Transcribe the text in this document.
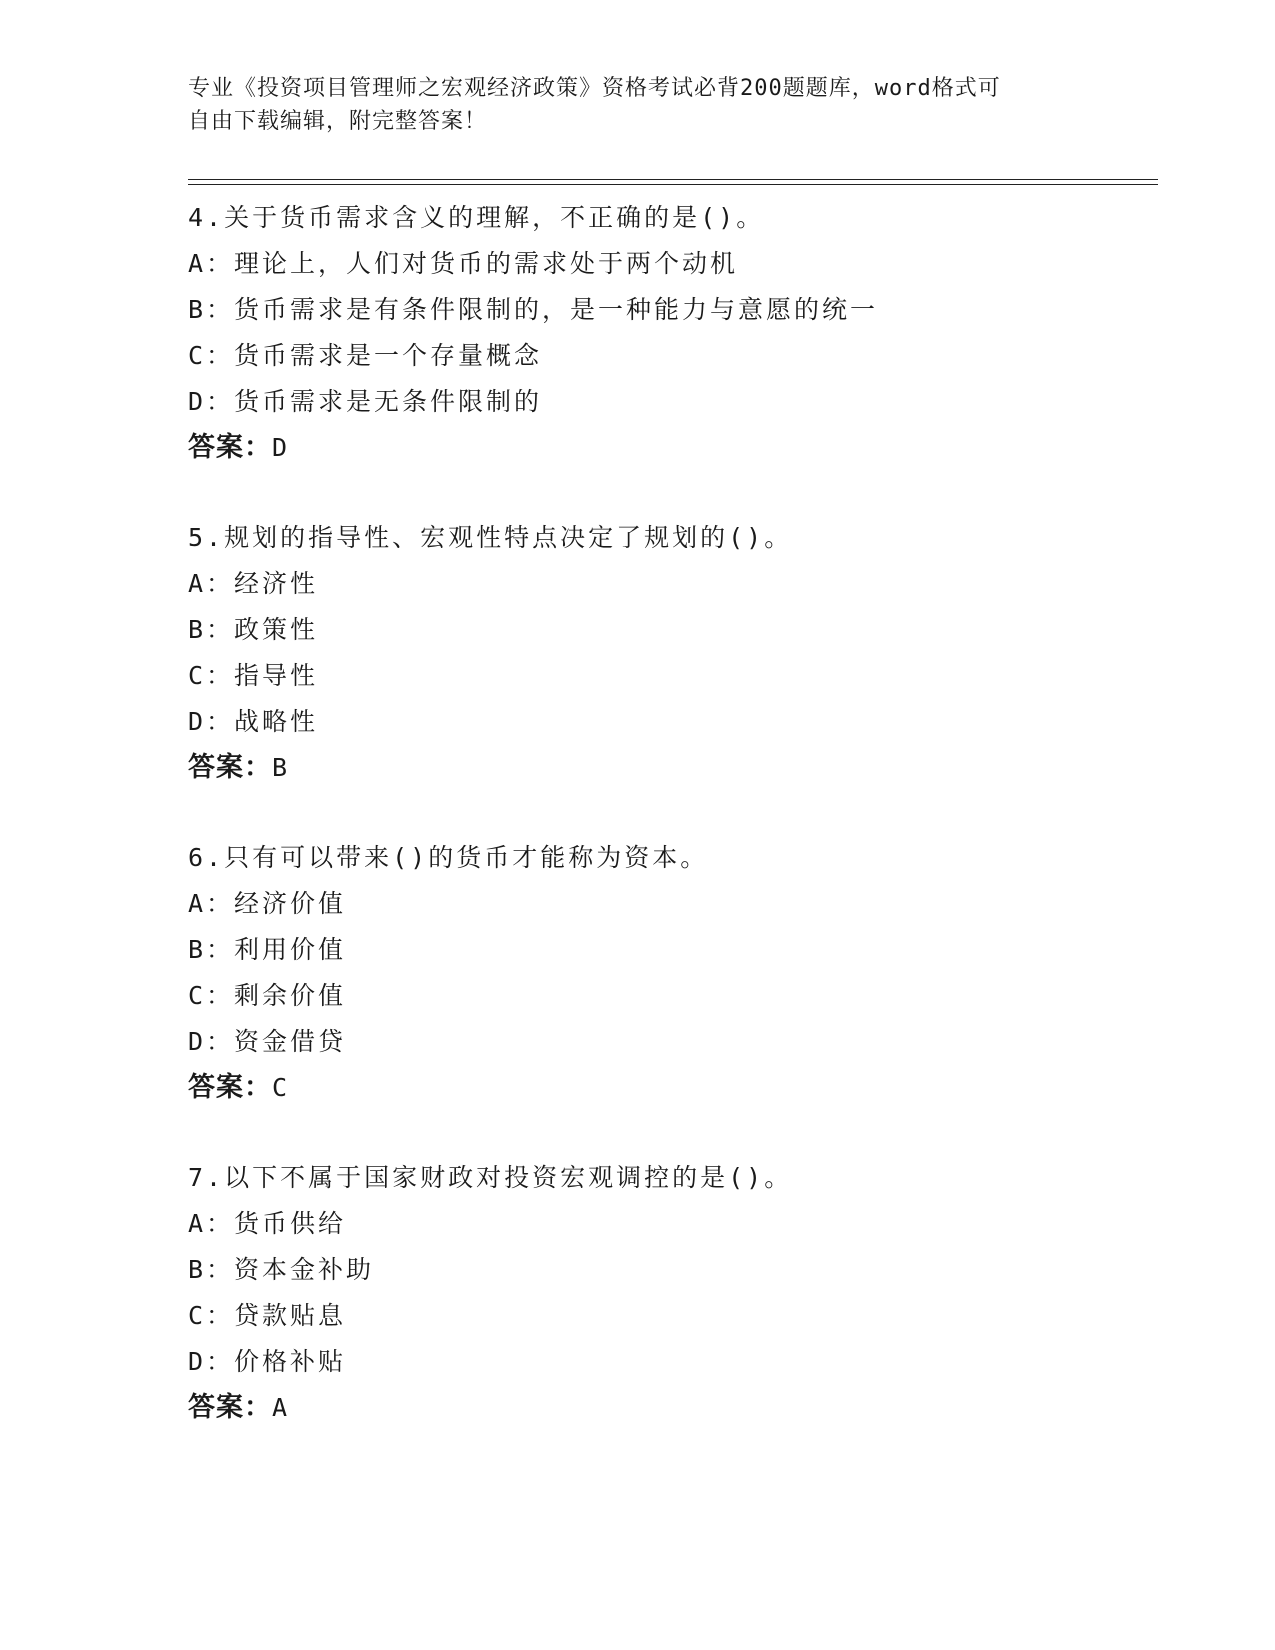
专业《投资项目管理师之宏观经济政策》资格考试必背200题题库，word格式可
自由下载编辑，附完整答案！
4.关于货币需求含义的理解，不正确的是()。
A：理论上，人们对货币的需求处于两个动机
B：货币需求是有条件限制的，是一种能力与意愿的统一
C：货币需求是一个存量概念
D：货币需求是无条件限制的
答案：D
5.规划的指导性、宏观性特点决定了规划的()。
A：经济性
B：政策性
C：指导性
D：战略性
答案：B
6.只有可以带来()的货币才能称为资本。
A：经济价值
B：利用价值
C：剩余价值
D：资金借贷
答案：C
7.以下不属于国家财政对投资宏观调控的是()。
A：货币供给
B：资本金补助
C：贷款贴息
D：价格补贴
答案：A
